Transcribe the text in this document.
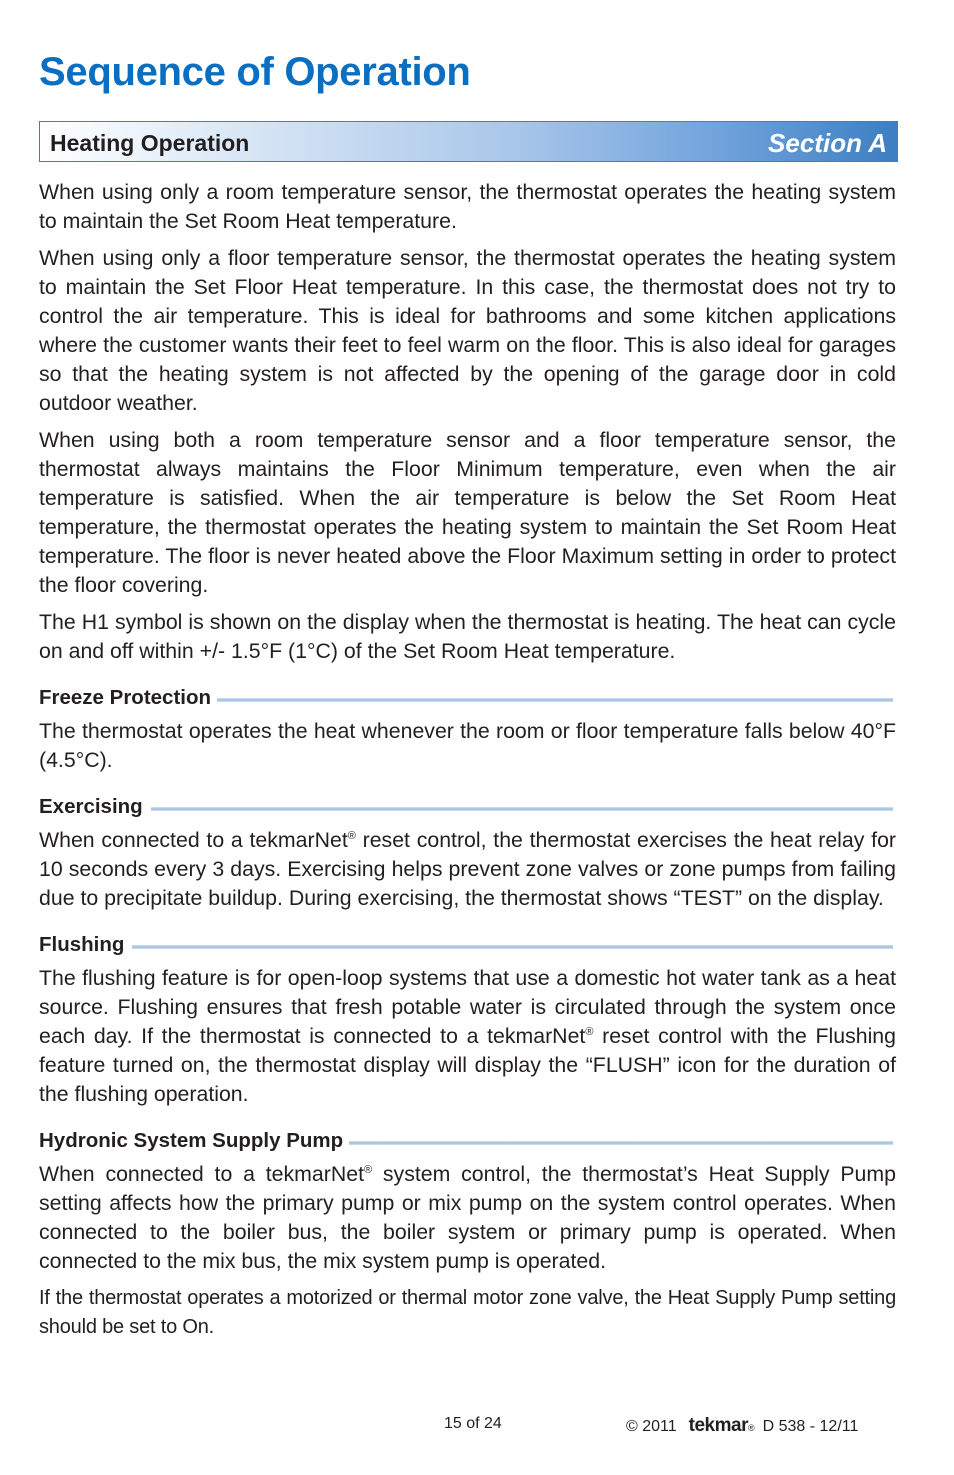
Sequence of Operation
Heating Operation	Section A

When using only a room temperature sensor, the thermostat operates the heating system to maintain the Set Room Heat temperature.

When using only a floor temperature sensor, the thermostat operates the heating system to maintain the Set Floor Heat temperature. In this case, the thermostat does not try to control the air temperature. This is ideal for bathrooms and some kitchen applications where the customer wants their feet to feel warm on the floor. This is also ideal for garages so that the heating system is not affected by the opening of the garage door in cold outdoor weather.

When using both a room temperature sensor and a floor temperature sensor, the thermostat always maintains the Floor Minimum temperature, even when the air temperature is satisfied. When the air temperature is below the Set Room Heat temperature, the thermostat operates the heating system to maintain the Set Room Heat temperature. The floor is never heated above the Floor Maximum setting in order to protect the floor covering.

The H1 symbol is shown on the display when the thermostat is heating. The heat can cycle on and off within +/- 1.5°F (1°C) of the Set Room Heat temperature.

Freeze Protection

The thermostat operates the heat whenever the room or floor temperature falls below 40°F (4.5°C).

Exercising

When connected to a tekmarNet® reset control, the thermostat exercises the heat relay for 10 seconds every 3 days. Exercising helps prevent zone valves or zone pumps from failing due to precipitate buildup. During exercising, the thermostat shows “TEST” on the display.

Flushing

The flushing feature is for open-loop systems that use a domestic hot water tank as a heat source. Flushing ensures that fresh potable water is circulated through the system once each day. If the thermostat is connected to a tekmarNet® reset control with the Flushing feature turned on, the thermostat display will display the “FLUSH” icon for the duration of the flushing operation.

Hydronic System Supply Pump

When connected to a tekmarNet® system control, the thermostat’s Heat Supply Pump setting affects how the primary pump or mix pump on the system control operates. When connected to the boiler bus, the boiler system or primary pump is operated. When connected to the mix bus, the mix system pump is operated.

If the thermostat operates a motorized or thermal motor zone valve, the Heat Supply Pump setting should be set to On.

15 of 24	© 2011 tekmar ® D 538 - 12/11
